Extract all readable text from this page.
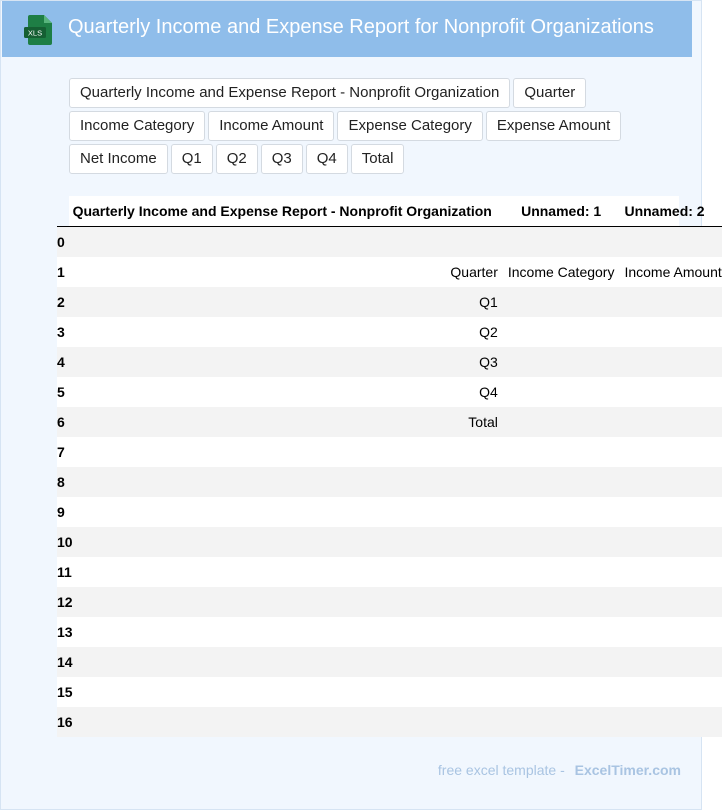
XLS Quarterly Income and Expense Report for Nonprofit Organizations
Quarterly Income and Expense Report - Nonprofit Organization	Quarter
Income Category	Income Amount	Expense Category	Expense Amount
Net Income	Q1	Q2	Q3	Q4	Total
	Quarterly Income and Expense Report - Nonprofit Organization	Unnamed: 1	Unnamed: 2
0			
1	Quarter	Income Category	Income Amount
2	Q1		
3	Q2		
4	Q3		
5	Q4		
6	Total		
7			
8			
9			
10			
11			
12			
13			
14			
15			
16			
free excel template - ExcelTimer.com
